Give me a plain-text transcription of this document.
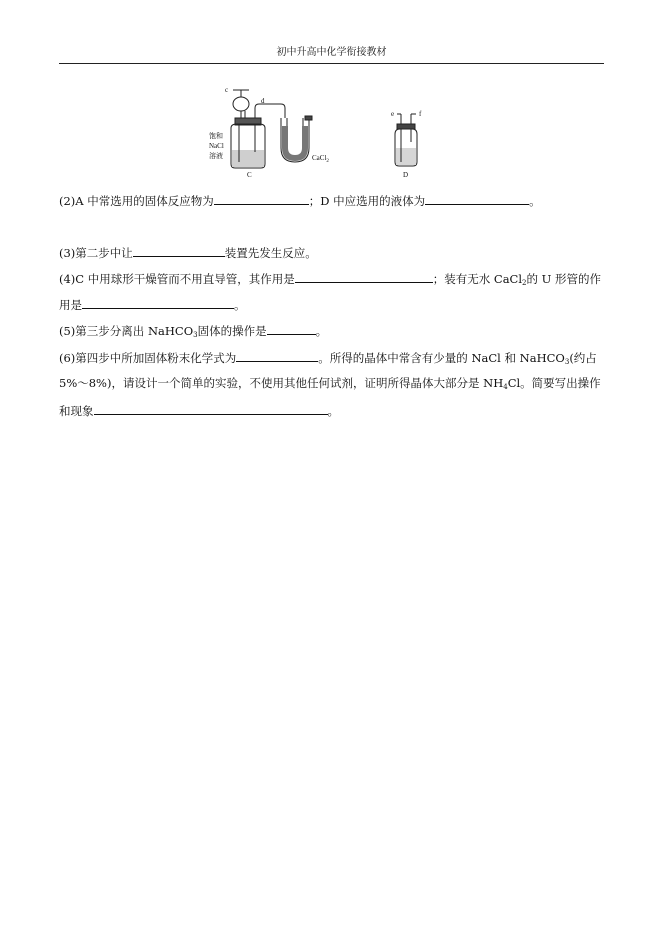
初中升高中化学衔接教材
c
d
饱和
NaCl
溶液	CaCl$_2$
C
e	f
D
(2)A 中常选用的固体反应物为	；D 中应选用的液体为	。
(3)第二步中让	装置先发生反应。
(4)C 中用球形干燥管而不用直导管，其作用是	；装有无水 CaCl$_2$的 U 形管的作
用是	。
(5)第三步分离出 NaHCO$_3$固体的操作是	。
(6)第四步中所加固体粉末化学式为	。所得的晶体中常含有少量的 NaCl 和 NaHCO$_3$(约占
5%～8%)，请设计一个简单的实验，不使用其他任何试剂，证明所得晶体大部分是 $NH_4Cl$。简要写出操作
和现象	。
